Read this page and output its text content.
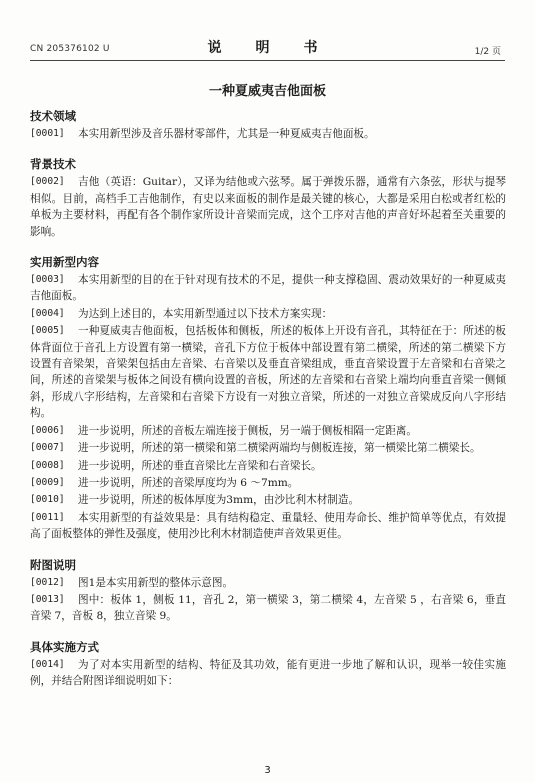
CN 205376102 U	说　明　书	1/2 页
一种夏威夷吉他面板
技术领域
[0001]	本实用新型涉及音乐器材零部件，尤其是一种夏威夷吉他面板。
背景技术
[0002]	吉他（英语：Guitar），又译为结他或六弦琴。属于弹拨乐器，通常有六条弦，形状与提琴相似。目前，高档手工吉他制作，有史以来面板的制作是最关键的核心，大都是采用白松或者红松的单板为主要材料，再配有各个制作家所设计音梁而完成，这个工序对吉他的声音好坏起着至关重要的影响。
实用新型内容
[0003]	本实用新型的目的在于针对现有技术的不足，提供一种支撑稳固、震动效果好的一种夏威夷吉他面板。
[0004]	为达到上述目的，本实用新型通过以下技术方案实现：
[0005]	一种夏威夷吉他面板，包括板体和侧板，所述的板体上开设有音孔，其特征在于：所述的板体背面位于音孔上方设置有第一横梁，音孔下方位于板体中部设置有第二横梁，所述的第二横梁下方设置有音梁架，音梁架包括由左音梁、右音梁以及垂直音梁组成，垂直音梁设置于左音梁和右音梁之间，所述的音梁架与板体之间设有横向设置的音板，所述的左音梁和右音梁上端均向垂直音梁一侧倾斜，形成八字形结构，左音梁和右音梁下方设有一对独立音梁，所述的一对独立音梁成反向八字形结构。
[0006]	进一步说明，所述的音板左端连接于侧板，另一端于侧板相隔一定距离。
[0007]	进一步说明，所述的第一横梁和第二横梁两端均与侧板连接，第一横梁比第二横梁长。
[0008]	进一步说明，所述的垂直音梁比左音梁和右音梁长。
[0009]	进一步说明，所述的音梁厚度均为 6 ～7mm。
[0010]	进一步说明，所述的板体厚度为3mm，由沙比利木材制造。
[0011]	本实用新型的有益效果是：具有结构稳定、重量轻、使用寿命长、维护简单等优点，有效提高了面板整体的弹性及强度，使用沙比利木材制造使声音效果更佳。
附图说明
[0012]	图1是本实用新型的整体示意图。
[0013]	图中：板体 1，侧板 11，音孔 2，第一横梁 3，第二横梁 4，左音梁 5 ，右音梁 6，垂直音梁 7，音板 8，独立音梁 9。
具体实施方式
[0014]	为了对本实用新型的结构、特征及其功效，能有更进一步地了解和认识，现举一较佳实施例，并结合附图详细说明如下：
3
